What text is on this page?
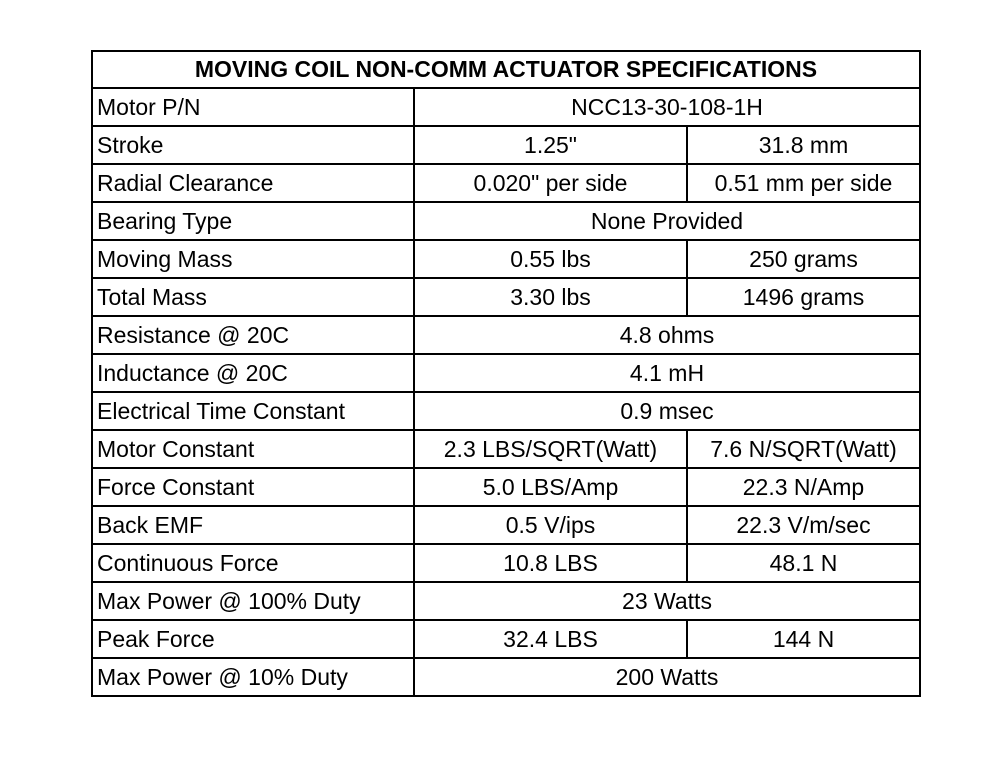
MOVING COIL NON-COMM ACTUATOR SPECIFICATIONS		
Motor P/N	NCC13-30-108-1H	
Stroke	1.25"	31.8 mm
Radial Clearance	0.020" per side	0.51 mm per side
Bearing Type	None Provided	
Moving Mass	0.55 lbs	250 grams
Total Mass	3.30 lbs	1496 grams
Resistance @ 20C	4.8 ohms	
Inductance @ 20C	4.1 mH	
Electrical Time Constant	0.9 msec	
Motor Constant	2.3 LBS/SQRT(Watt)	7.6 N/SQRT(Watt)
Force Constant	5.0 LBS/Amp	22.3 N/Amp
Back EMF	0.5 V/ips	22.3 V/m/sec
Continuous Force	10.8 LBS	48.1 N
Max Power @ 100% Duty	23 Watts	
Peak Force	32.4 LBS	144 N
Max Power @ 10% Duty	200 Watts	
